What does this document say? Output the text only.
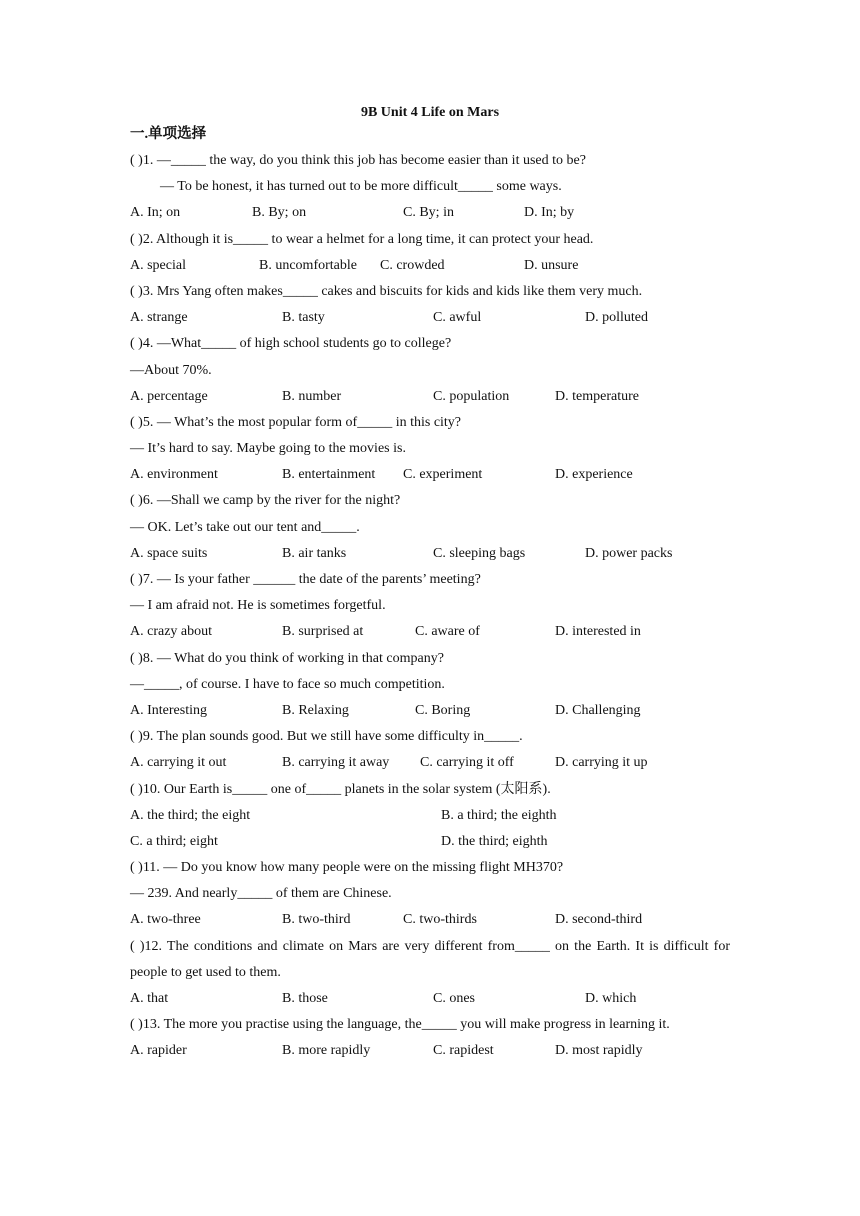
9B Unit 4 Life on Mars
一.单项选择
( )1. —_____ the way, do you think this job has become easier than it used to be?
— To be honest, it has turned out to be more difficult_____ some ways.
A. In; on	B. By; on	C. By; in	D. In; by
( )2. Although it is_____ to wear a helmet for a long time, it can protect your head.
A. special	B. uncomfortable C. crowded	D. unsure
( )3. Mrs Yang often makes_____ cakes and biscuits for kids and kids like them very much.
A. strange	B. tasty	C. awful	D. polluted
( )4. —What_____ of high school students go to college?
—About 70%.
A. percentage	B. number	C. population	D. temperature
( )5. — What’s the most popular form of_____ in this city?
— It’s hard to say. Maybe going to the movies is.
A. environment	B. entertainment C. experiment	D. experience
( )6. —Shall we camp by the river for the night?
— OK. Let’s take out our tent and_____.
A. space suits	B. air tanks	C. sleeping bags	D. power packs
( )7. — Is your father ______ the date of the parents’ meeting?
— I am afraid not. He is sometimes forgetful.
A. crazy about	B. surprised at	C. aware of	D. interested in
( )8. — What do you think of working in that company?
—_____, of course. I have to face so much competition.
A. Interesting	B. Relaxing	C. Boring	D. Challenging
( )9. The plan sounds good. But we still have some difficulty in_____.
A. carrying it out	B. carrying it away C. carrying it off	D. carrying it up
( )10. Our Earth is_____ one of_____ planets in the solar system (太阳系).
A. the third; the eight	B. a third; the eighth
C. a third; eight	D. the third; eighth
( )11. — Do you know how many people were on the missing flight MH370?
— 239. And nearly_____ of them are Chinese.
A. two-three	B. two-third	C. two-thirds	D. second-third
( )12. The conditions and climate on Mars are very different from_____ on the Earth. It is difficult for people to get used to them.
A. that	B. those	C. ones	D. which
( )13. The more you practise using the language, the_____ you will make progress in learning it.
A. rapider	B. more rapidly	C. rapidest	D. most rapidly
